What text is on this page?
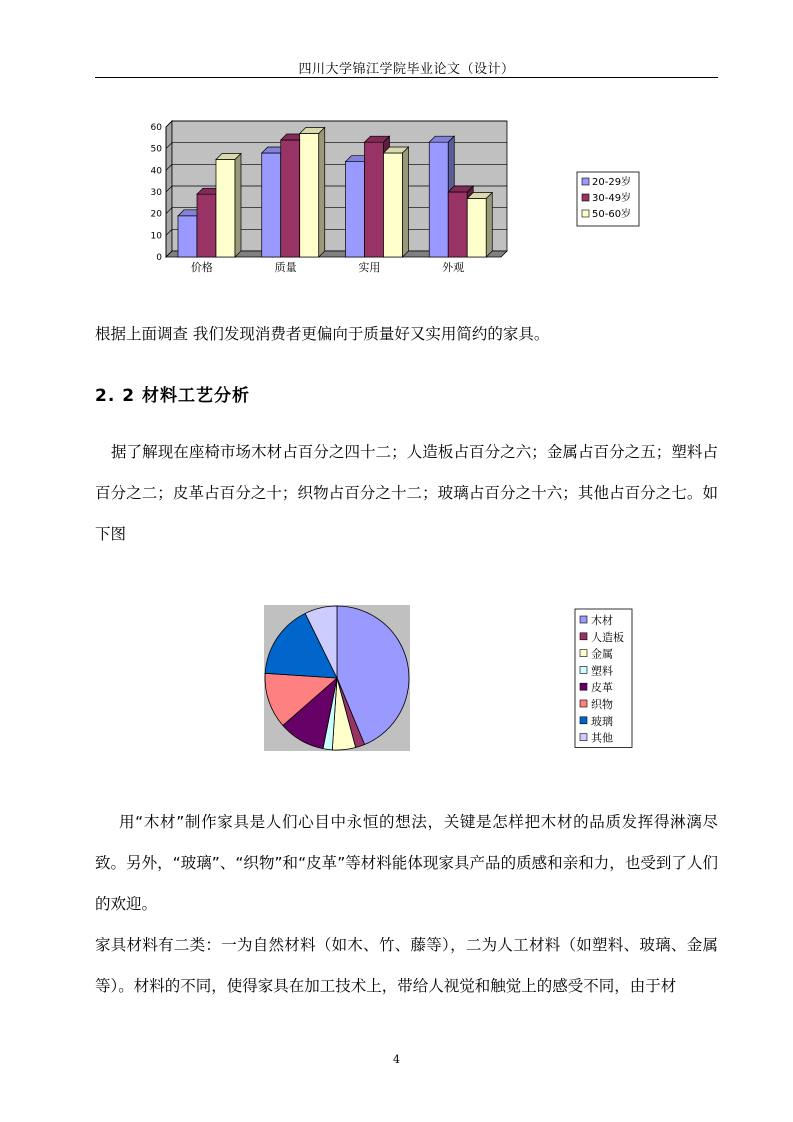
四川大学锦江学院毕业论文（设计）
0
10
20
30
40
50
60
价格	质量	实用	外观
20-29岁
30-49岁
50-60岁
根据上面调查 我们发现消费者更偏向于质量好又实用简约的家具。
2. 2 材料工艺分析
据了解现在座椅市场木材占百分之四十二；人造板占百分之六；金属占百分之五；塑料占百分之二；皮革占百分之十；织物占百分之十二；玻璃占百分之十六；其他占百分之七。如下图
木材
人造板
金属
塑料
皮革
织物
玻璃
其他
用“木材”制作家具是人们心目中永恒的想法，关键是怎样把木材的品质发挥得淋漓尽致。另外，“玻璃”、“织物”和“皮革”等材料能体现家具产品的质感和亲和力，也受到了人们的欢迎。
家具材料有二类：一为自然材料（如木、竹、藤等），二为人工材料（如塑料、玻璃、金属等）。材料的不同，使得家具在加工技术上，带给人视觉和触觉上的感受不同，由于材
4
